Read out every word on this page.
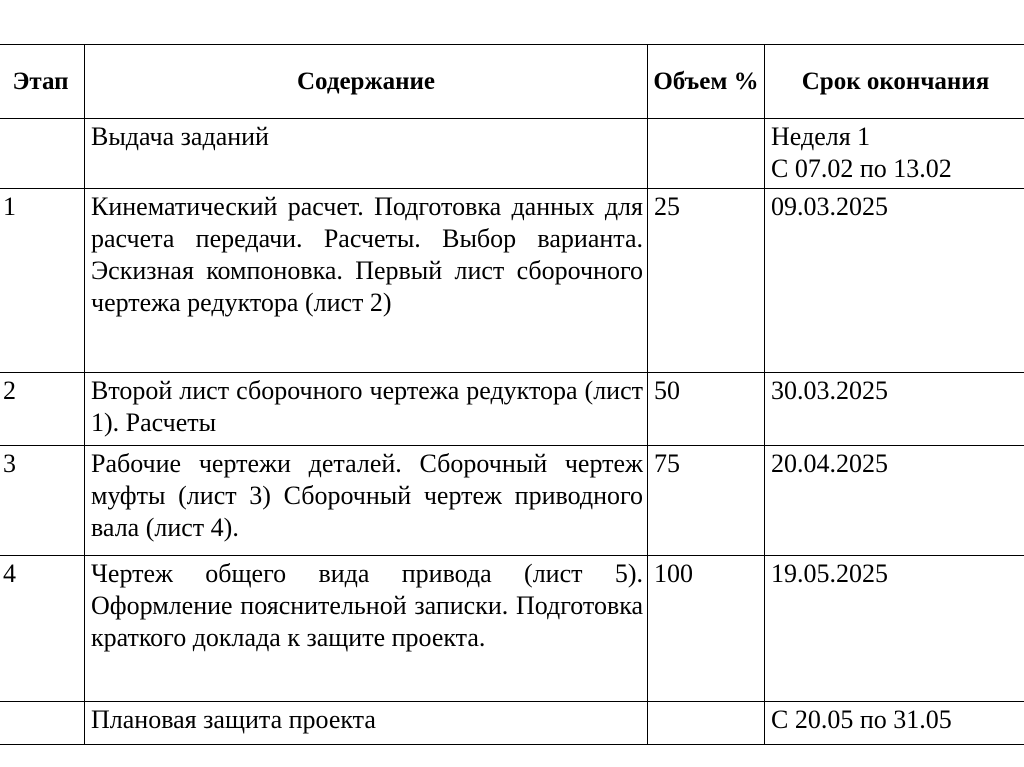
Этап	Содержание	Объем %	Срок окончания
	Выдача заданий		Неделя 1
С 07.02 по 13.02

1	Кинематический расчет. Подготовка данных для расчета передачи. Расчеты. Выбор варианта. Эскизная компоновка. Первый лист сборочного чертежа редуктора (лист 2)	25	09.03.2025

2	Второй лист сборочного чертежа редуктора (лист 1). Расчеты	50	30.03.2025

3	Рабочие чертежи деталей. Сборочный чертеж муфты (лист 3) Сборочный чертеж приводного вала (лист 4).	75	20.04.2025

4	Чертеж общего вида привода (лист 5). Оформление пояснительной записки. Подготовка краткого доклада к защите проекта.	100	19.05.2025

	Плановая защита проекта		С 20.05 по 31.05
